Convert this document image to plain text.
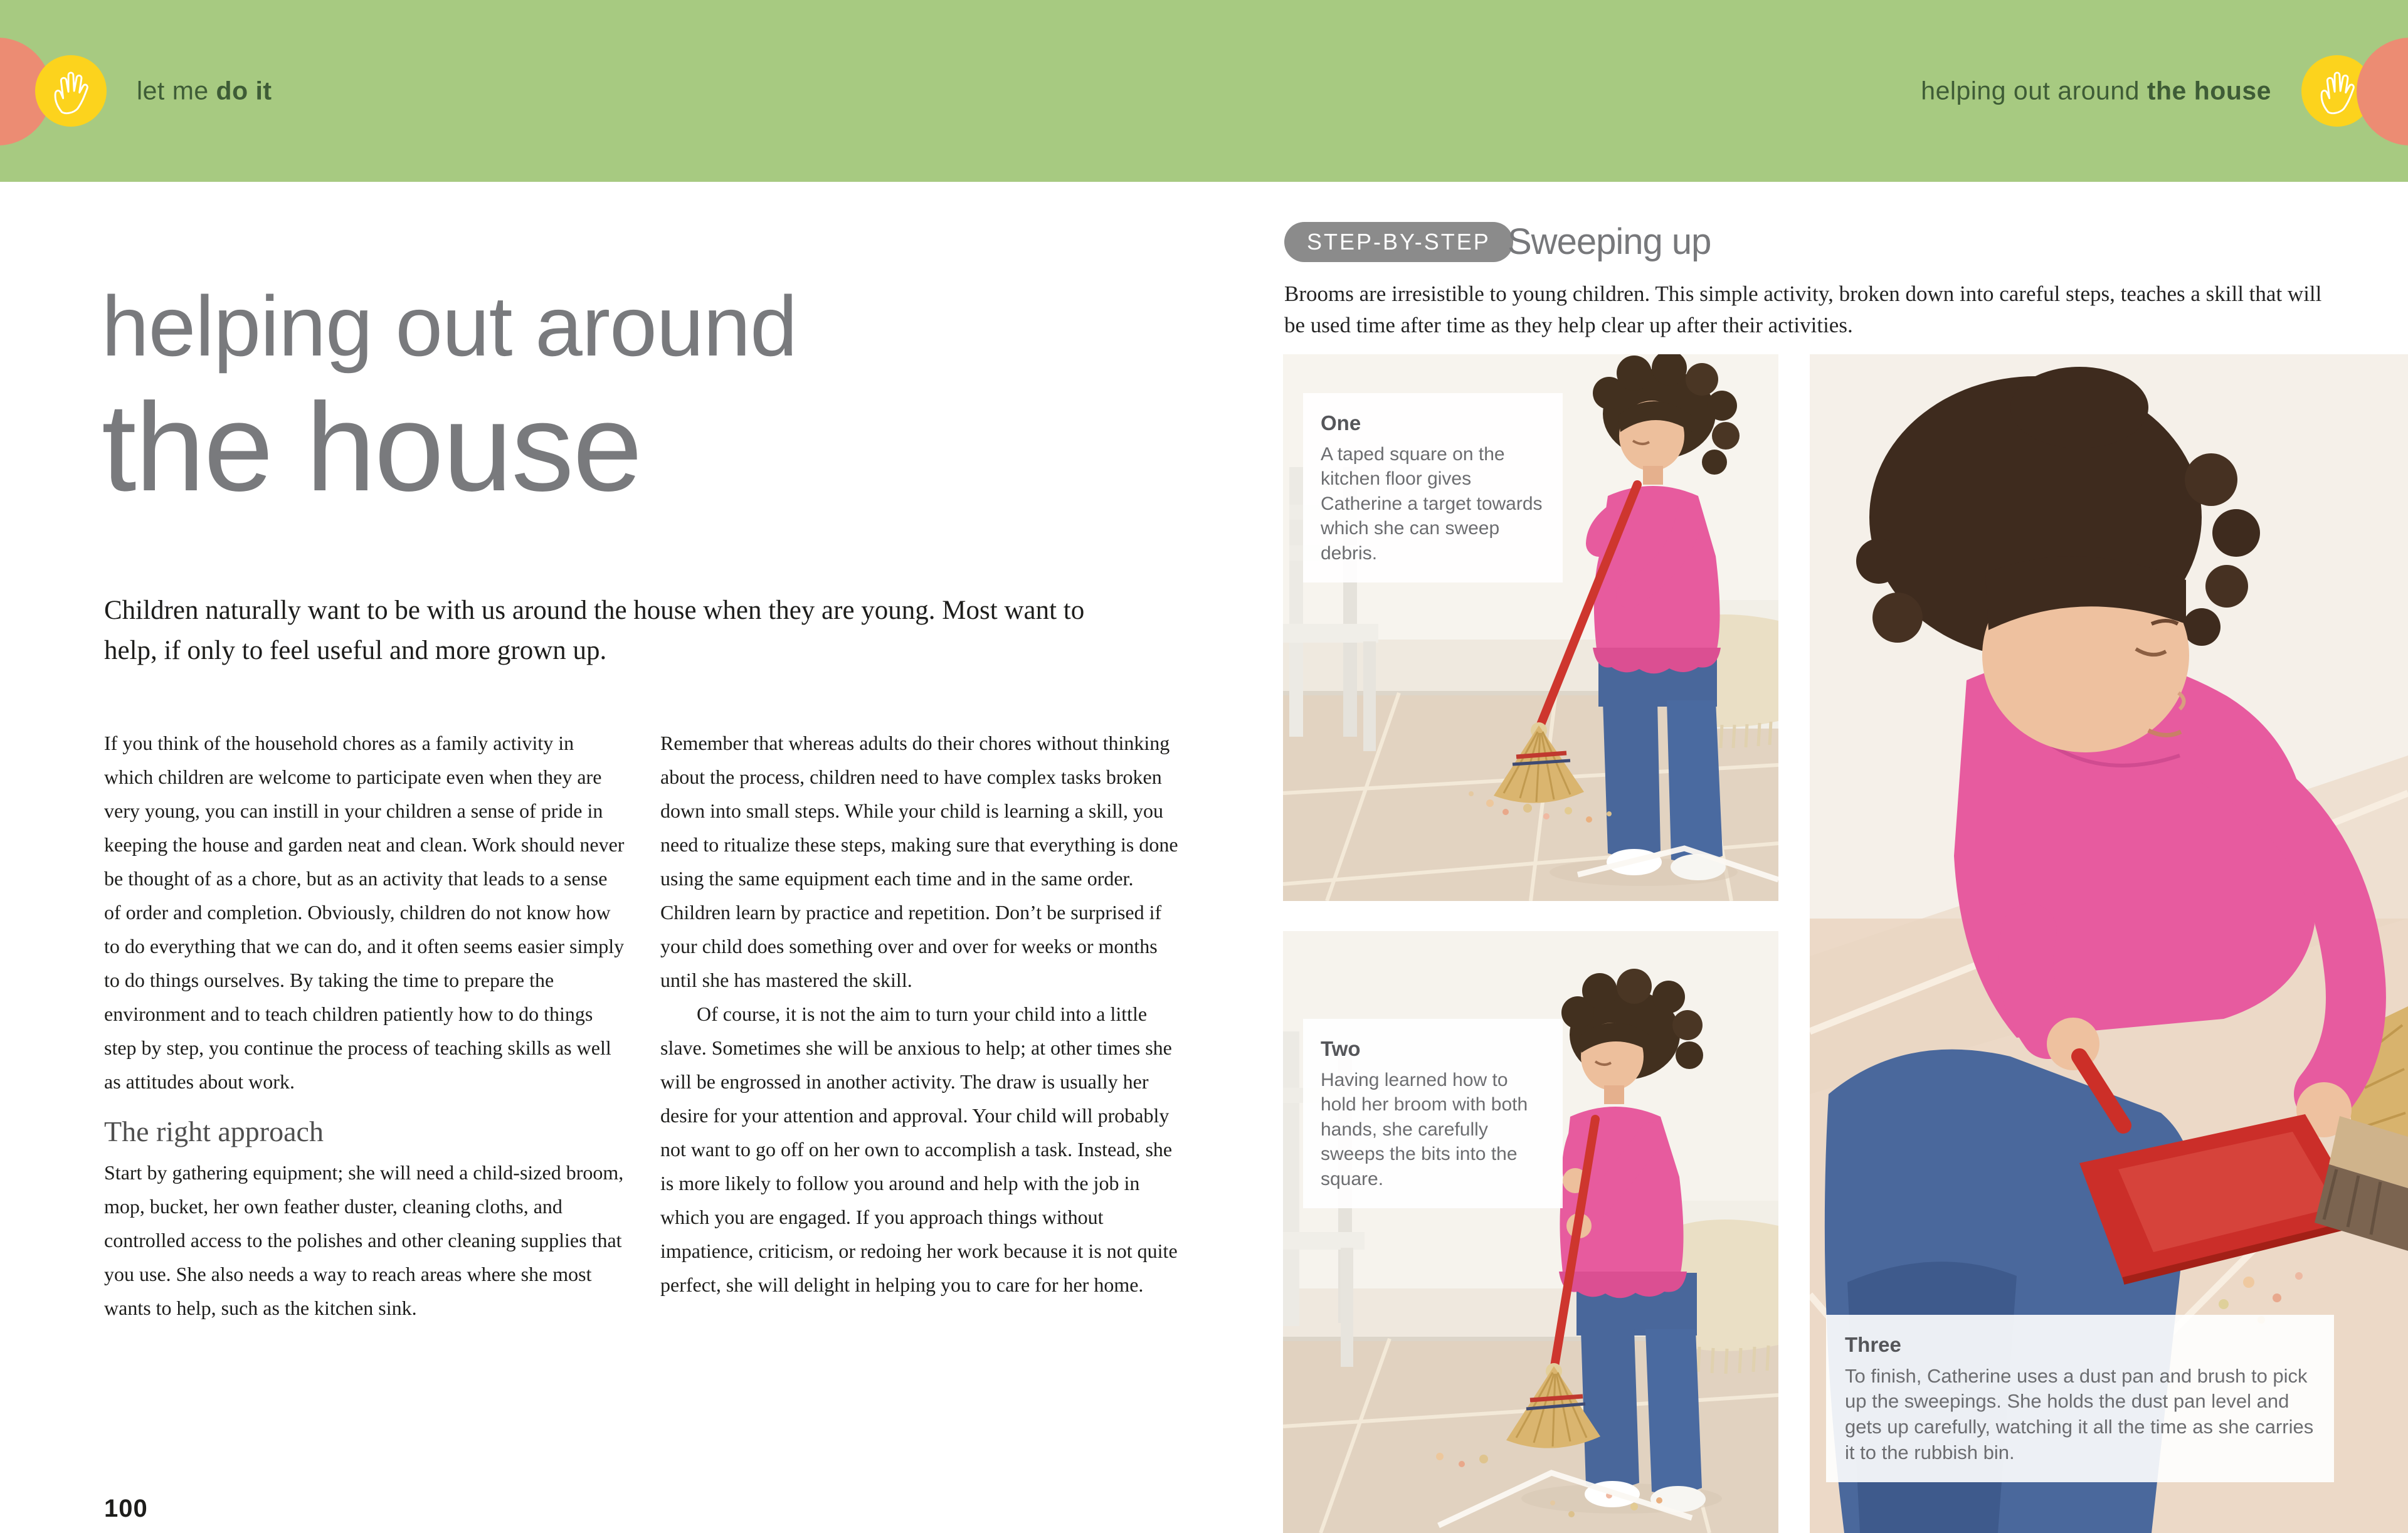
let me do it	helping out around the house
helping out around
the house
Children naturally want to be with us around the house when they are young. Most want to help, if only to feel useful and more grown up.

If you think of the household chores as a family activity in which children are welcome to participate even when they are very young, you can instill in your children a sense of pride in keeping the house and garden neat and clean. Work should never be thought of as a chore, but as an activity that leads to a sense of order and completion. Obviously, children do not know how to do everything that we can do, and it often seems easier simply to do things ourselves. By taking the time to prepare the environment and to teach children patiently how to do things step by step, you continue the process of teaching skills as well as attitudes about work.

The right approach

Start by gathering equipment; she will need a child-sized broom, mop, bucket, her own feather duster, cleaning cloths, and controlled access to the polishes and other cleaning supplies that you use. She also needs a way to reach areas where she most wants to help, such as the kitchen sink.

Remember that whereas adults do their chores without thinking about the process, children need to have complex tasks broken down into small steps. While your child is learning a skill, you need to ritualize these steps, making sure that everything is done using the same equipment each time and in the same order. Children learn by practice and repetition. Don’t be surprised if your child does something over and over for weeks or months until she has mastered the skill.

Of course, it is not the aim to turn your child into a little slave. Sometimes she will be anxious to help; at other times she will be engrossed in another activity. The draw is usually her desire for your attention and approval. Your child will probably not want to go off on her own to accomplish a task. Instead, she is more likely to follow you around and help with the job in which you are engaged. If you approach things without impatience, criticism, or redoing her work because it is not quite perfect, she will delight in helping you to care for her home.

100
STEP-BY-STEP Sweeping up
Brooms are irresistible to young children. This simple activity, broken down into careful steps, teaches a skill that will be used time after time as they help clear up after their activities.
One
A taped square on the kitchen floor gives Catherine a target towards which she can sweep debris.
Two
Having learned how to hold her broom with both hands, she carefully sweeps the bits into the square.
Three
To finish, Catherine uses a dust pan and brush to pick up the sweepings. She holds the dust pan level and gets up carefully, watching it all the time as she carries it to the rubbish bin.
